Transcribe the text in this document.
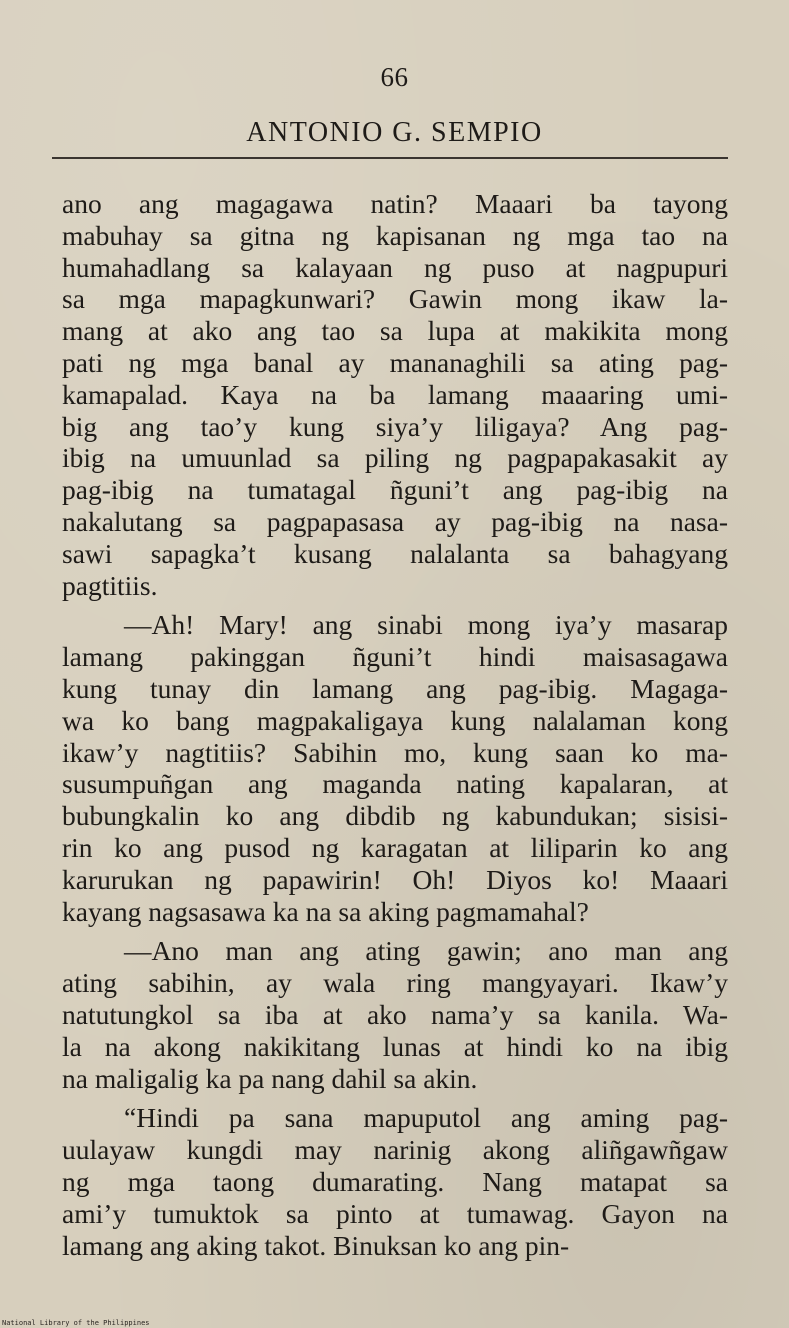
66
ANTONIO G. SEMPIO
ano ang magagawa natin? Maaari ba tayong
mabuhay sa gitna ng kapisanan ng mga tao na
humahadlang sa kalayaan ng puso at nagpupuri
sa mga mapagkunwari? Gawin mong ikaw la-
mang at ako ang tao sa lupa at makikita mong
pati ng mga banal ay mananaghili sa ating pag-
kamapalad. Kaya na ba lamang maaaring umi-
big ang tao’y kung siya’y liligaya? Ang pag-
ibig na umuunlad sa piling ng pagpapakasakit ay
pag-ibig na tumatagal ñguni’t ang pag-ibig na
nakalutang sa pagpapasasa ay pag-ibig na nasa-
sawi sapagka’t kusang nalalanta sa bahagyang
pagtitiis.
—Ah! Mary! ang sinabi mong iya’y masarap
lamang pakinggan ñguni’t hindi maisasagawa
kung tunay din lamang ang pag-ibig. Magaga-
wa ko bang magpakaligaya kung nalalaman kong
ikaw’y nagtitiis? Sabihin mo, kung saan ko ma-
susumpuñgan ang maganda nating kapalaran, at
bubungkalin ko ang dibdib ng kabundukan; sisisi-
rin ko ang pusod ng karagatan at liliparin ko ang
karurukan ng papawirin! Oh! Diyos ko! Maaari
kayang nagsasawa ka na sa aking pagmamahal?
—Ano man ang ating gawin; ano man ang
ating sabihin, ay wala ring mangyayari. Ikaw’y
natutungkol sa iba at ako nama’y sa kanila. Wa-
la na akong nakikitang lunas at hindi ko na ibig
na maligalig ka pa nang dahil sa akin.
“Hindi pa sana mapuputol ang aming pag-
uulayaw kungdi may narinig akong aliñgawñgaw
ng mga taong dumarating. Nang matapat sa
ami’y tumuktok sa pinto at tumawag. Gayon na
lamang ang aking takot. Binuksan ko ang pin-
National Library of the Philippines
